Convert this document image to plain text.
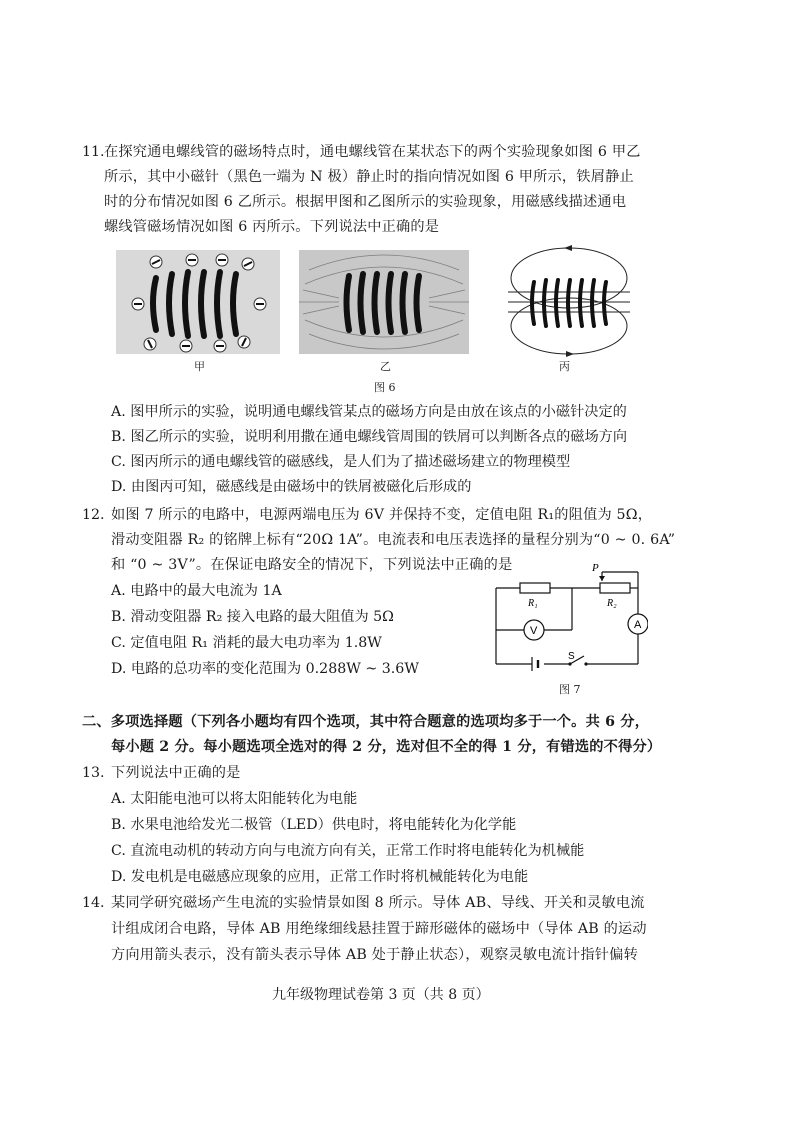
11. 在探究通电螺线管的磁场特点时，通电螺线管在某状态下的两个实验现象如图 6 甲乙
所示，其中小磁针（黑色一端为 N 极）静止时的指向情况如图 6 甲所示，铁屑静止
时的分布情况如图 6 乙所示。根据甲图和乙图所示的实验现象，用磁感线描述通电
螺线管磁场情况如图 6 丙所示。下列说法中正确的是
甲	乙	丙
图 6
A. 图甲所示的实验，说明通电螺线管某点的磁场方向是由放在该点的小磁针决定的
B. 图乙所示的实验，说明利用撒在通电螺线管周围的铁屑可以判断各点的磁场方向
C. 图丙所示的通电螺线管的磁感线，是人们为了描述磁场建立的物理模型
D. 由图丙可知，磁感线是由磁场中的铁屑被磁化后形成的
12. 如图 7 所示的电路中，电源两端电压为 6V 并保持不变，定值电阻 R₁的阻值为 5Ω，
滑动变阻器 R₂ 的铭牌上标有“20Ω 1A”。电流表和电压表选择的量程分别为“0 ~ 0. 6A”
和 “0 ~ 3V”。在保证电路安全的情况下，下列说法中正确的是
A. 电路中的最大电流为 1A
B. 滑动变阻器 R₂ 接入电路的最大阻值为 5Ω
C. 定值电阻 R₁ 消耗的最大电功率为 1.8W
D. 电路的总功率的变化范围为 0.288W ~ 3.6W
P
R₁	R₂
V	A
S
图 7
二、多项选择题（下列各小题均有四个选项，其中符合题意的选项均多于一个。共 6 分，
每小题 2 分。每小题选项全选对的得 2 分，选对但不全的得 1 分，有错选的不得分）
13. 下列说法中正确的是
A. 太阳能电池可以将太阳能转化为电能
B. 水果电池给发光二极管（LED）供电时，将电能转化为化学能
C. 直流电动机的转动方向与电流方向有关，正常工作时将电能转化为机械能
D. 发电机是电磁感应现象的应用，正常工作时将机械能转化为电能
14. 某同学研究磁场产生电流的实验情景如图 8 所示。导体 AB、导线、开关和灵敏电流
计组成闭合电路，导体 AB 用绝缘细线悬挂置于蹄形磁体的磁场中（导体 AB 的运动
方向用箭头表示，没有箭头表示导体 AB 处于静止状态），观察灵敏电流计指针偏转
九年级物理试卷第 3 页（共 8 页）
